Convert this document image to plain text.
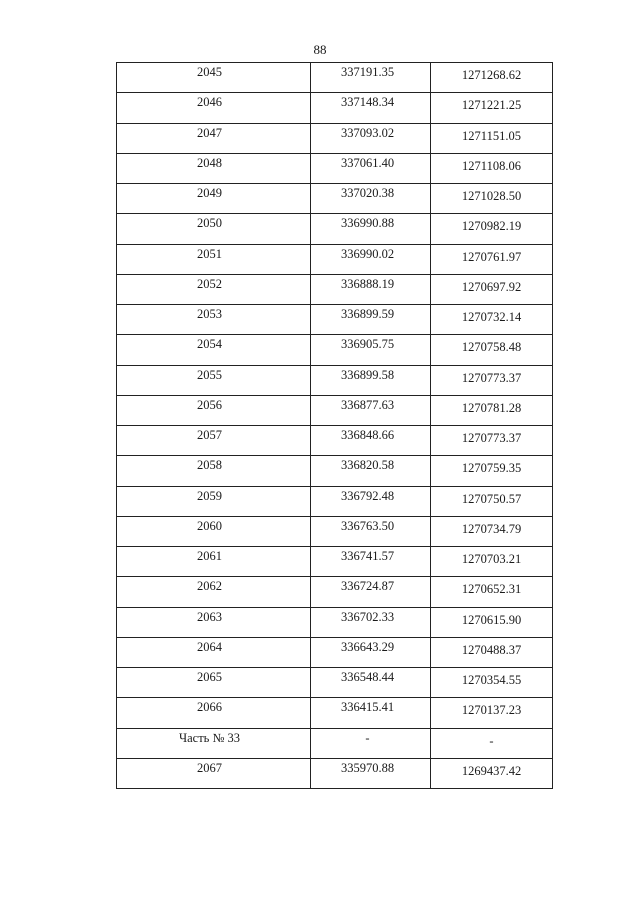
88
2045	337191.35	1271268.62
2046	337148.34	1271221.25
2047	337093.02	1271151.05
2048	337061.40	1271108.06
2049	337020.38	1271028.50
2050	336990.88	1270982.19
2051	336990.02	1270761.97
2052	336888.19	1270697.92
2053	336899.59	1270732.14
2054	336905.75	1270758.48
2055	336899.58	1270773.37
2056	336877.63	1270781.28
2057	336848.66	1270773.37
2058	336820.58	1270759.35
2059	336792.48	1270750.57
2060	336763.50	1270734.79
2061	336741.57	1270703.21
2062	336724.87	1270652.31
2063	336702.33	1270615.90
2064	336643.29	1270488.37
2065	336548.44	1270354.55
2066	336415.41	1270137.23
Часть № 33	-	-
2067	335970.88	1269437.42
